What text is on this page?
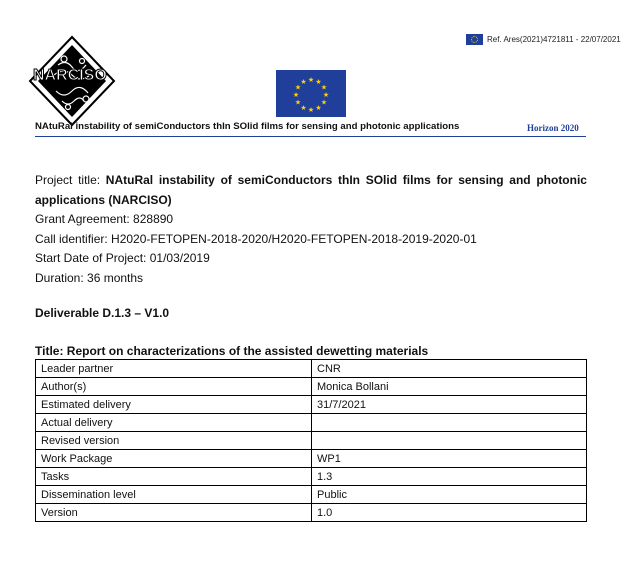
Ref. Ares(2021)4721811 - 22/07/2021
NARCISO
★
★
★
★
★
★
★
★
★ ★ ★
★
NAtuRal instability of semiConductors thIn SOlid films for sensing and photonic applications	Horizon 2020
Project title: NAtuRal instability of semiConductors thIn SOlid films for sensing and photonic applications (NARCISO)
Grant Agreement: 828890
Call identifier: H2020-FETOPEN-2018-2020/H2020-FETOPEN-2018-2019-2020-01
Start Date of Project: 01/03/2019
Duration: 36 months
Deliverable D.1.3 – V1.0
Title: Report on characterizations of the assisted dewetting materials
Leader partner	CNR
Author(s)	Monica Bollani
Estimated delivery	31/7/2021
Actual delivery	
Revised version	
Work Package	WP1
Tasks	1.3
Dissemination level	Public
Version	1.0
